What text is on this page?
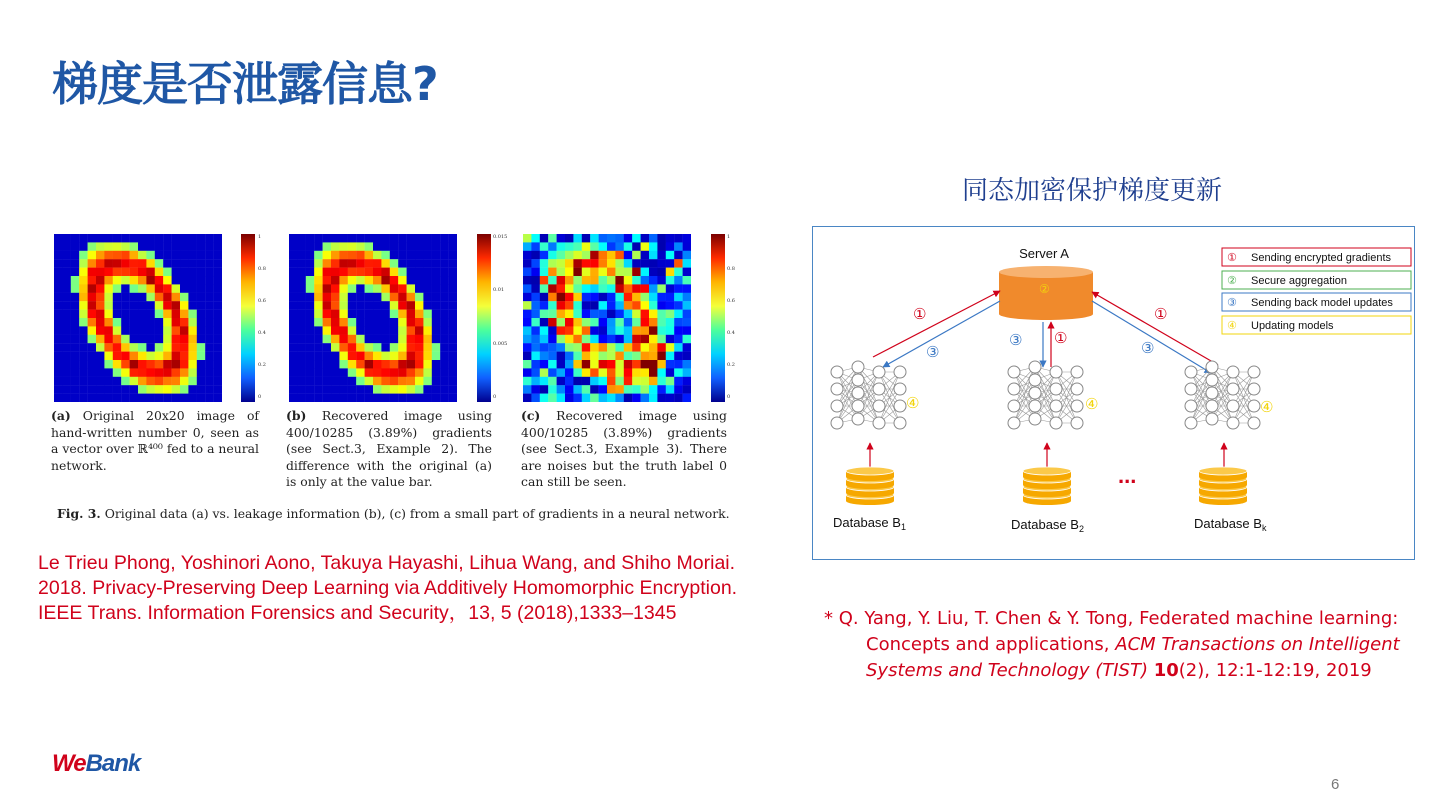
梯度是否泄露信息?
1
0.8
0.6
0.4
0.2
0
0.015
0.01
0.005
0
1
0.8
0.6
0.4
0.2
0
(a) Original 20x20 image of hand-written number 0, seen as a vector over ℝ⁴⁰⁰ fed to a neural network.
(b) Recovered image using 400/10285 (3.89%) gradients (see Sect.3, Example 2). The difference with the original (a) is only at the value bar.
(c) Recovered image using 400/10285 (3.89%) gradients (see Sect.3, Example 3). There are noises but the truth label 0 can still be seen.
Fig. 3. Original data (a) vs. leakage information (b), (c) from a small part of gradients in a neural network.
Le Trieu Phong, Yoshinori Aono, Takuya Hayashi, Lihua Wang, and Shiho Moriai. 2018. Privacy-Preserving Deep Learning via Additively Homomorphic Encryption. IEEE Trans. Information Forensics and Security，13, 5 (2018),1333–1345
同态加密保护梯度更新
Server A
②
①
③
③ ①
①
③
④	④	④
...
Database $B_1$	Database $B_2$	Database $B_k$
① Sending encrypted gradients
② Secure aggregation
③ Sending back model updates
④ Updating models
* Q. Yang, Y. Liu, T. Chen & Y. Tong, Federated machine learning:
Concepts and applications, ACM Transactions on Intelligent
Systems and Technology (TIST) 10(2), 12:1-12:19, 2019
WeBank
6
